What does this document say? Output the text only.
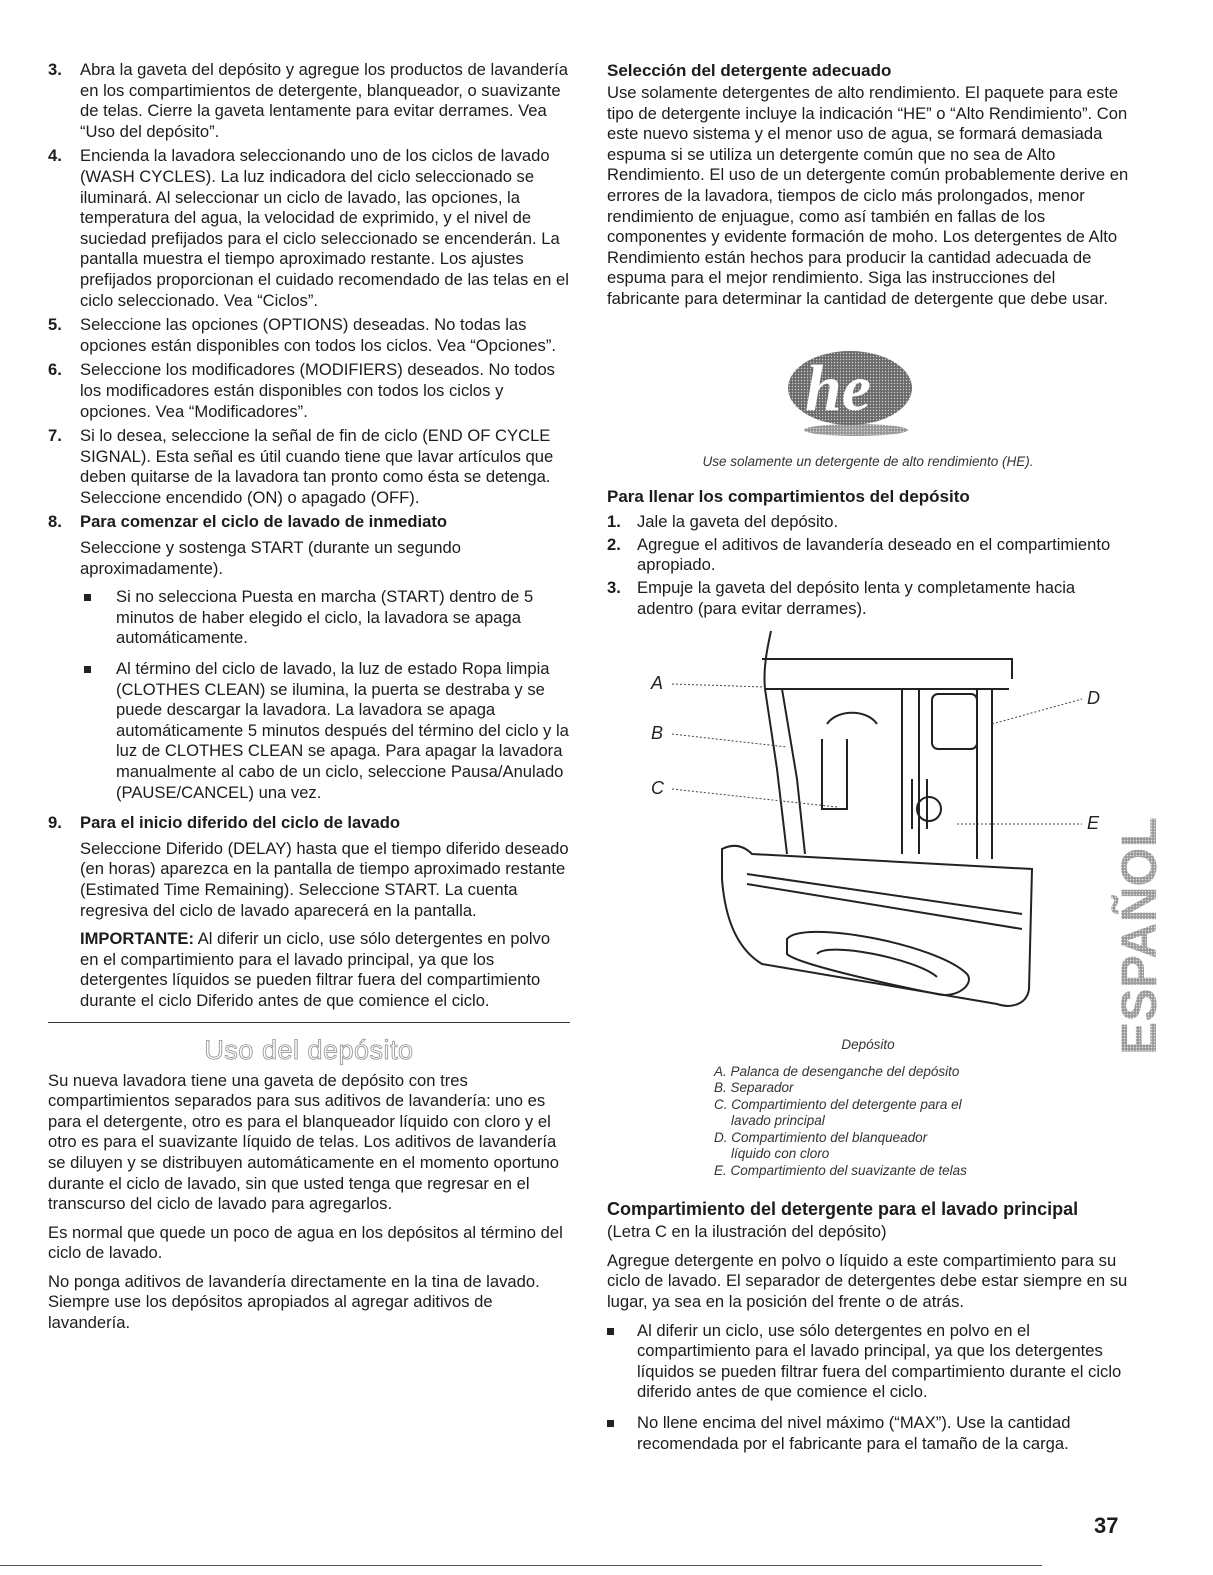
3. Abra la gaveta del depósito y agregue los productos de lavandería en los compartimientos de detergente, blanqueador, o suavizante de telas. Cierre la gaveta lentamente para evitar derrames. Vea “Uso del depósito”.

4. Encienda la lavadora seleccionando uno de los ciclos de lavado (WASH CYCLES). La luz indicadora del ciclo seleccionado se iluminará. Al seleccionar un ciclo de lavado, las opciones, la temperatura del agua, la velocidad de exprimido, y el nivel de suciedad prefijados para el ciclo seleccionado se encenderán. La pantalla muestra el tiempo aproximado restante. Los ajustes prefijados proporcionan el cuidado recomendado de las telas en el ciclo seleccionado. Vea “Ciclos”.

5. Seleccione las opciones (OPTIONS) deseadas. No todas las opciones están disponibles con todos los ciclos. Vea “Opciones”.

6. Seleccione los modificadores (MODIFIERS) deseados. No todos los modificadores están disponibles con todos los ciclos y opciones. Vea “Modificadores”.

7. Si lo desea, seleccione la señal de fin de ciclo (END OF CYCLE SIGNAL). Esta señal es útil cuando tiene que lavar artículos que deben quitarse de la lavadora tan pronto como ésta se detenga. Seleccione encendido (ON) o apagado (OFF).

8. Para comenzar el ciclo de lavado de inmediato

Seleccione y sostenga START (durante un segundo aproximadamente).

Si no selecciona Puesta en marcha (START) dentro de 5 minutos de haber elegido el ciclo, la lavadora se apaga automáticamente.
Al término del ciclo de lavado, la luz de estado Ropa limpia (CLOTHES CLEAN) se ilumina, la puerta se destraba y se puede descargar la lavadora. La lavadora se apaga automáticamente 5 minutos después del término del ciclo y la luz de CLOTHES CLEAN se apaga. Para apagar la lavadora manualmente al cabo de un ciclo, seleccione Pausa/Anulado (PAUSE/CANCEL) una vez.
9. Para el inicio diferido del ciclo de lavado

Seleccione Diferido (DELAY) hasta que el tiempo diferido deseado (en horas) aparezca en la pantalla de tiempo aproximado restante (Estimated Time Remaining). Seleccione START. La cuenta regresiva del ciclo de lavado aparecerá en la pantalla.

IMPORTANTE: Al diferir un ciclo, use sólo detergentes en polvo en el compartimiento para el lavado principal, ya que los detergentes líquidos se pueden filtrar fuera del compartimiento durante el ciclo Diferido antes de que comience el ciclo.

Uso del depósito

Su nueva lavadora tiene una gaveta de depósito con tres compartimientos separados para sus aditivos de lavandería: uno es para el detergente, otro es para el blanqueador líquido con cloro y el otro es para el suavizante líquido de telas. Los aditivos de lavandería se diluyen y se distribuyen automáticamente en el momento oportuno durante el ciclo de lavado, sin que usted tenga que regresar en el transcurso del ciclo de lavado para agregarlos.

Es normal que quede un poco de agua en los depósitos al término del ciclo de lavado.

No ponga aditivos de lavandería directamente en la tina de lavado. Siempre use los depósitos apropiados al agregar aditivos de lavandería.

Selección del detergente adecuado

Use solamente detergentes de alto rendimiento. El paquete para este tipo de detergente incluye la indicación “HE” o “Alto Rendimiento”. Con este nuevo sistema y el menor uso de agua, se formará demasiada espuma si se utiliza un detergente común que no sea de Alto Rendimiento. El uso de un detergente común probablemente derive en errores de la lavadora, tiempos de ciclo más prolongados, menor rendimiento de enjuague, como así también en fallas de los componentes y evidente formación de moho. Los detergentes de Alto Rendimiento están hechos para producir la cantidad adecuada de espuma para el mejor rendimiento. Siga las instrucciones del fabricante para determinar la cantidad de detergente que debe usar.

he

Use solamente un detergente de alto rendimiento (HE).

Para llenar los compartimientos del depósito

1. Jale la gaveta del depósito.
2. Agregue el aditivos de lavandería deseado en el compartimiento apropiado.
3. Empuje la gaveta del depósito lenta y completamente hacia adentro (para evitar derrames).
A
B
C
D
E

Depósito

A. Palanca de desenganche del depósito
B. Separador
C. Compartimiento del detergente para el
lavado principal
D. Compartimiento del blanqueador
líquido con cloro
E. Compartimiento del suavizante de telas

Compartimiento del detergente para el lavado principal

(Letra C en la ilustración del depósito)

Agregue detergente en polvo o líquido a este compartimiento para su ciclo de lavado. El separador de detergentes debe estar siempre en su lugar, ya sea en la posición del frente o de atrás.

Al diferir un ciclo, use sólo detergentes en polvo en el compartimiento para el lavado principal, ya que los detergentes líquidos se pueden filtrar fuera del compartimiento durante el ciclo diferido antes de que comience el ciclo.
No llene encima del nivel máximo (“MAX”). Use la cantidad recomendada por el fabricante para el tamaño de la carga.
ESPAÑOL
37
